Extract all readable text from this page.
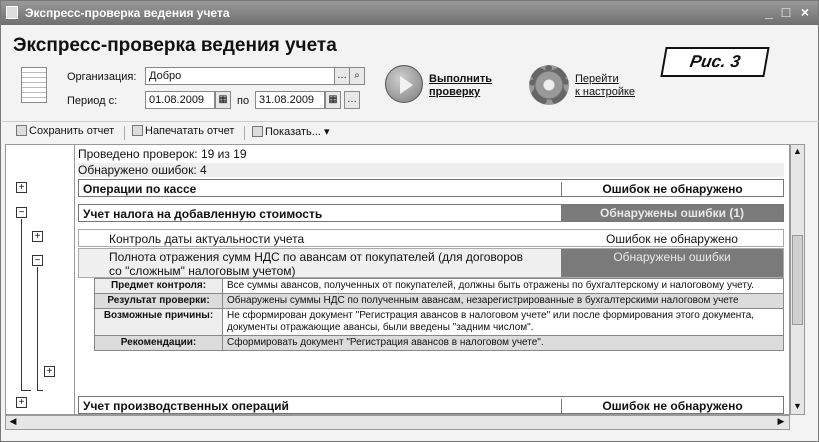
Экспресс-проверка ведения учета	_ □ ×
Экспресс-проверка ведения учета
Организация:	Добро	… ⌕
Период с:	01.08.2009	▦ по 31.08.2009	▦ …
Выполнить
проверку
Перейти
к настройке
Рис. 3
Сохранить отчет	Напечатать отчет	Показать... ▾
+
−
+
−
+
+
Проведено проверок: 19 из 19
Обнаружено ошибок: 4
Операции по кассе	Ошибок не обнаружено
Учет налога на добавленную стоимость	Обнаружены ошибки (1)
Контроль даты актуальности учета	Ошибок не обнаружено
Полнота отражения сумм НДС по авансам от покупателей (для договоров
со "сложным" налоговым учетом)
Обнаружены ошибки
Предмет контроля:	Все суммы авансов, полученных от покупателей, должны быть отражены по бухгалтерскому и налоговому учету.
Результат проверки:	Обнаружены суммы НДС по полученным авансам, незарегистрированные в бухгалтерскими налоговом учете
Возможные причины:	Не сформирован документ "Регистрация авансов в налоговом учете" или после формирования этого документа, документы отражающие авансы, были введены "задним числом".
Рекомендации:	Сформировать документ "Регистрация авансов в налоговом учете".
Учет производственных операций	Ошибок не обнаружено
▲
▼
◀	▶
